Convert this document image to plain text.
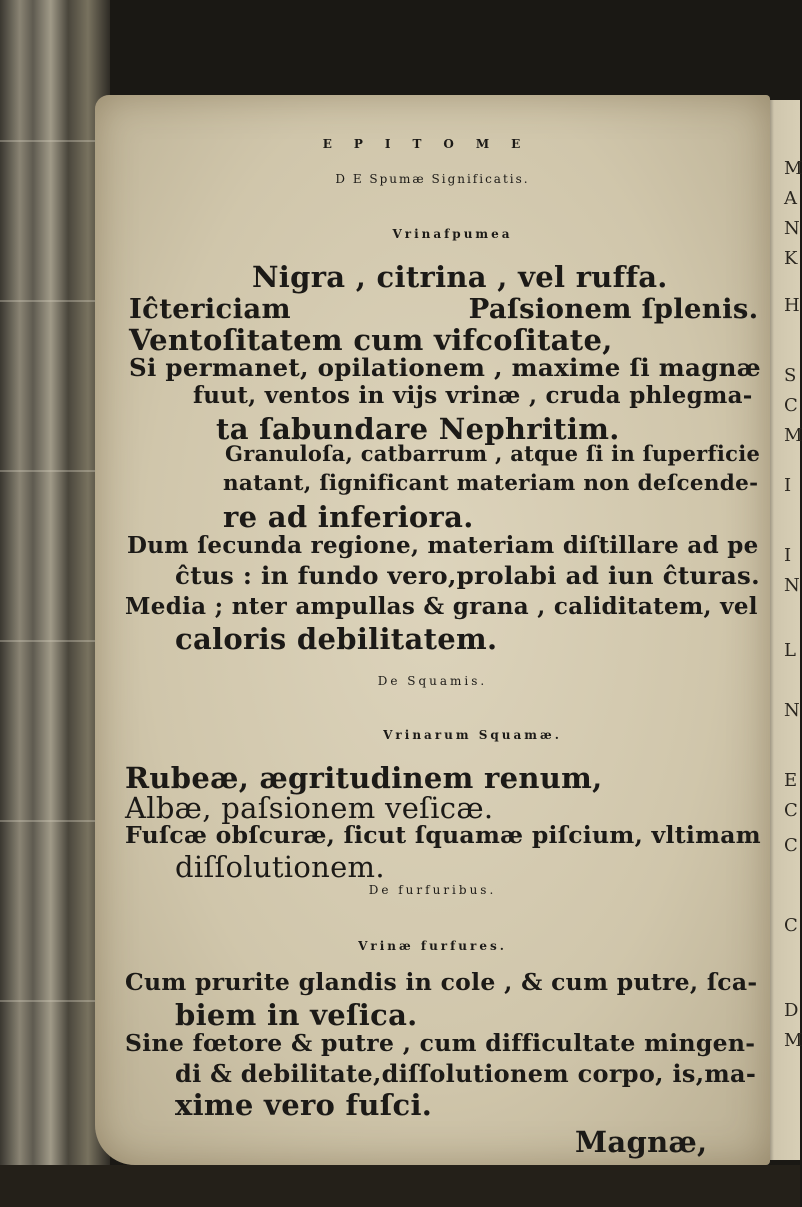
M
A
N
K
H
S
C
M
I
I
N
L
N
E
C
C
C
D
M
EPITOME
D E Spumæ Significatis.
Vrinafpumea
Nigra , citrina , vel ruffa.
Iĉtericiam                  Paſsionem ſplenis.
Ventoſitatem cum vifcoſitate,
Si permanet, opilationem , maxime ſi magnæ
fuut, ventos in vijs vrinæ , cruda phlegma-
ta ſabundare Nephritim.
Granuloſa, catbarrum , atque ſi in ſuperficie
natant, ſignificant materiam non deſcende-
re ad inferiora.
Dum ſecunda regione, materiam diſtillare ad pe
ĉtus : in fundo vero,prolabi ad iun ĉturas.
Media ; nter ampullas & grana , caliditatem, vel
caloris debilitatem.
De Squamis.
Vrinarum Squamæ.
Rubeæ, ægritudinem renum,
Albæ, paſsionem veſicæ.
Fuſcæ obſcuræ, ſicut ſquamæ piſcium, vltimam
diſſolutionem.
De furfuribus.
Vrinæ furfures.
Cum prurite glandis in cole , & cum putre, ſca-
biem in veſica.
Sine fœtore & putre , cum difficultate mingen-
di & debilitate,diſſolutionem corpo, is,ma-
xime vero fuſci.
Magnæ,
